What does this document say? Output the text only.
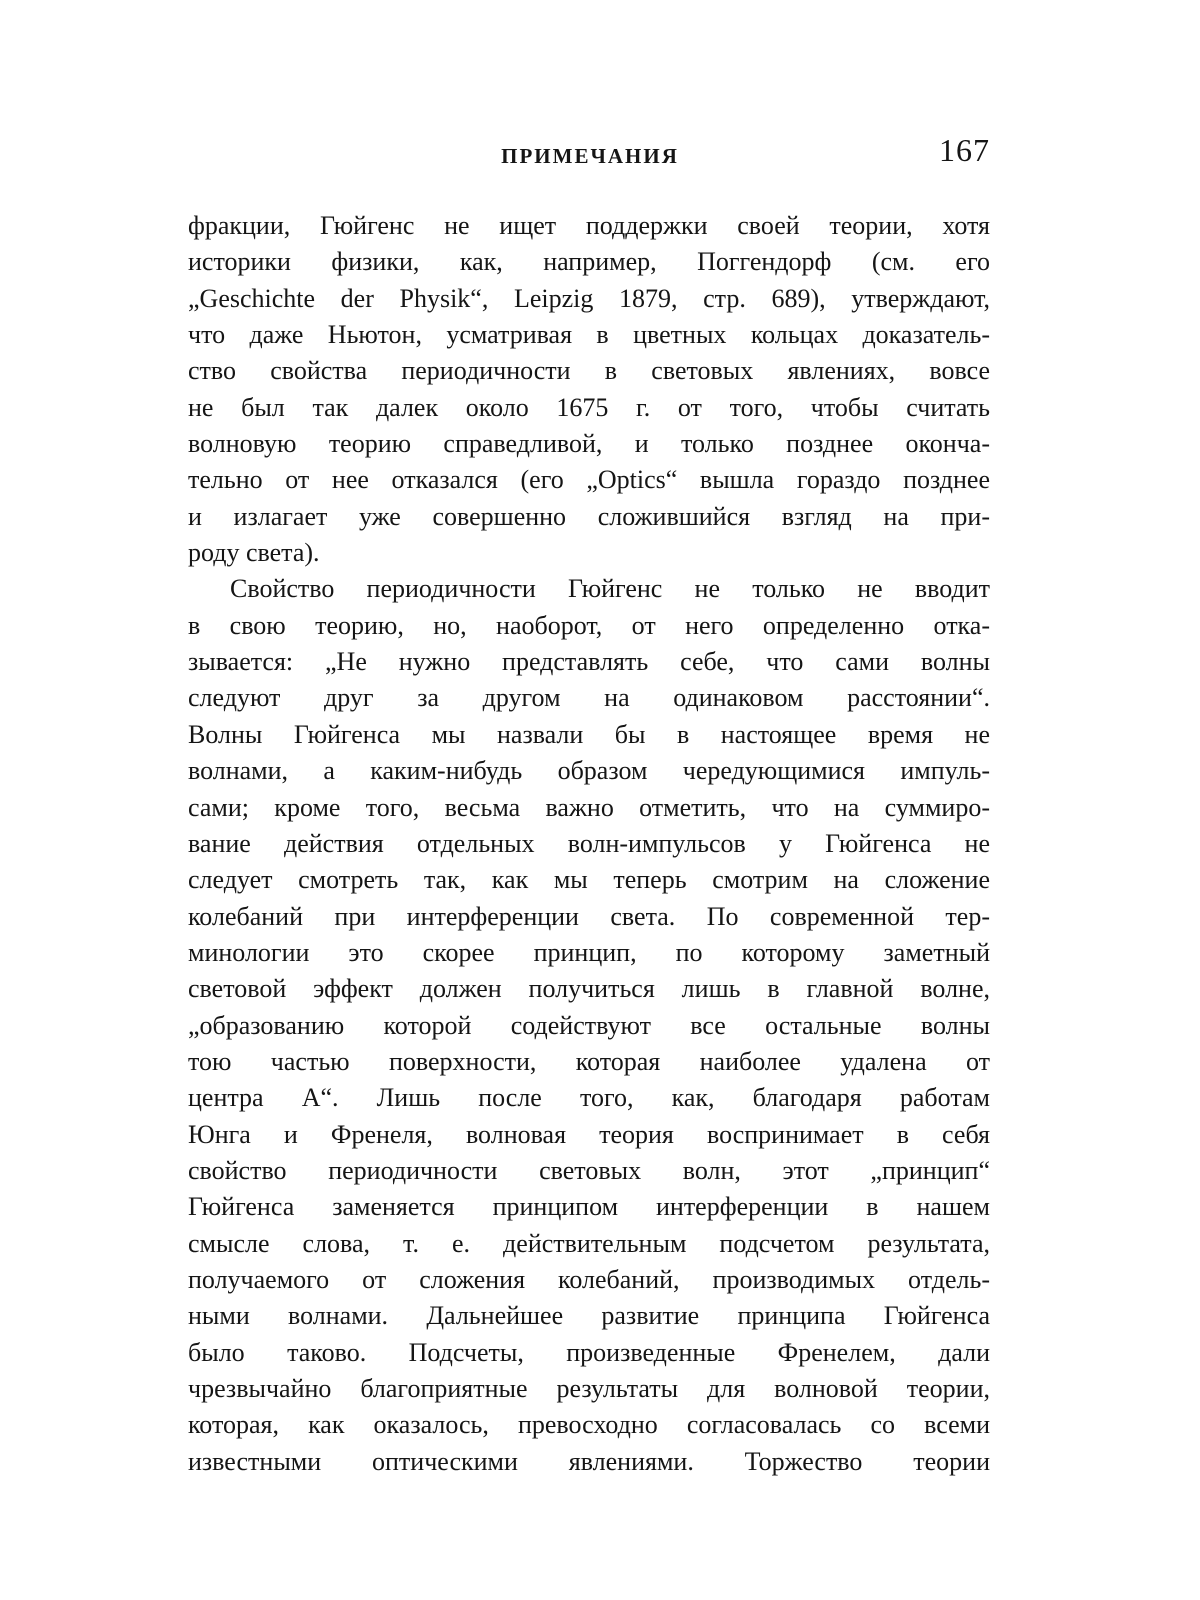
ПРИМЕЧАНИЯ	167
фракции, Гюйгенс не ищет поддержки своей теории, хотя
историки физики, как, например, Поггендорф (см. его
„Geschichte der Physik“, Leipzig 1879, стр. 689), утверждают,
что даже Ньютон, усматривая в цветных кольцах доказатель-
ство свойства периодичности в световых явлениях, вовсе
не был так далек около 1675 г. от того, чтобы считать
волновую теорию справедливой, и только позднее оконча-
тельно от нее отказался (его „Optics“ вышла гораздо позднее
и излагает уже совершенно сложившийся взгляд на при-
роду света).
Свойство периодичности Гюйгенс не только не вводит
в свою теорию, но, наоборот, от него определенно отка-
зывается: „Не нужно представлять себе, что сами волны
следуют друг за другом на одинаковом расстоянии“.
Волны Гюйгенса мы назвали бы в настоящее время не
волнами, а каким-нибудь образом чередующимися импуль-
сами; кроме того, весьма важно отметить, что на суммиро-
вание действия отдельных волн-импульсов у Гюйгенса не
следует смотреть так, как мы теперь смотрим на сложение
колебаний при интерференции света. По современной тер-
минологии это скорее принцип, по которому заметный
световой эффект должен получиться лишь в главной волне,
„образованию которой содействуют все остальные волны
тою частью поверхности, которая наиболее удалена от
центра A“. Лишь после того, как, благодаря работам
Юнга и Френеля, волновая теория воспринимает в себя
свойство периодичности световых волн, этот „принцип“
Гюйгенса заменяется принципом интерференции в нашем
смысле слова, т. е. действительным подсчетом результата,
получаемого от сложения колебаний, производимых отдель-
ными волнами. Дальнейшее развитие принципа Гюйгенса
было таково. Подсчеты, произведенные Френелем, дали
чрезвычайно благоприятные результаты для волновой теории,
которая, как оказалось, превосходно согласовалась со всеми
известными оптическими явлениями. Торжество теории
